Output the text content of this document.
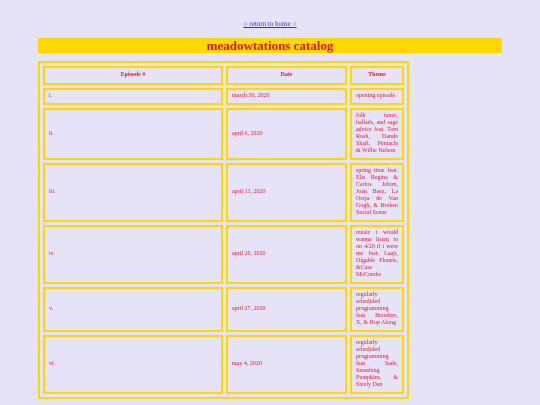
○ return to home ○
meadowtations catalog
Episode #	Date	Theme
i.	march 30, 2020	opening episode
ii.	april 6, 2020	folk tunes, ballads, and sage advice feat. Tom Rush, Dando Shaft, Pentacle & Willie Nelson
iii.	april 13, 2020	spring time feat. Elis Regina & Carlos Jobim, Joan Baez, La Oreja de Van Gogh, & Broken Social Scene
iv.	april 20, 2020	music i would wanna listen to on 4/20 if i were me feat. Laaji, Digable Planets, &Cass McCombs
v.	april 27, 2020	regularly scheduled programming feat. Breeders, X, & Hop Along
vi.	may 4, 2020	regularly scheduled programming feat. Sade, Smashing Pumpkins, & Steely Dan
